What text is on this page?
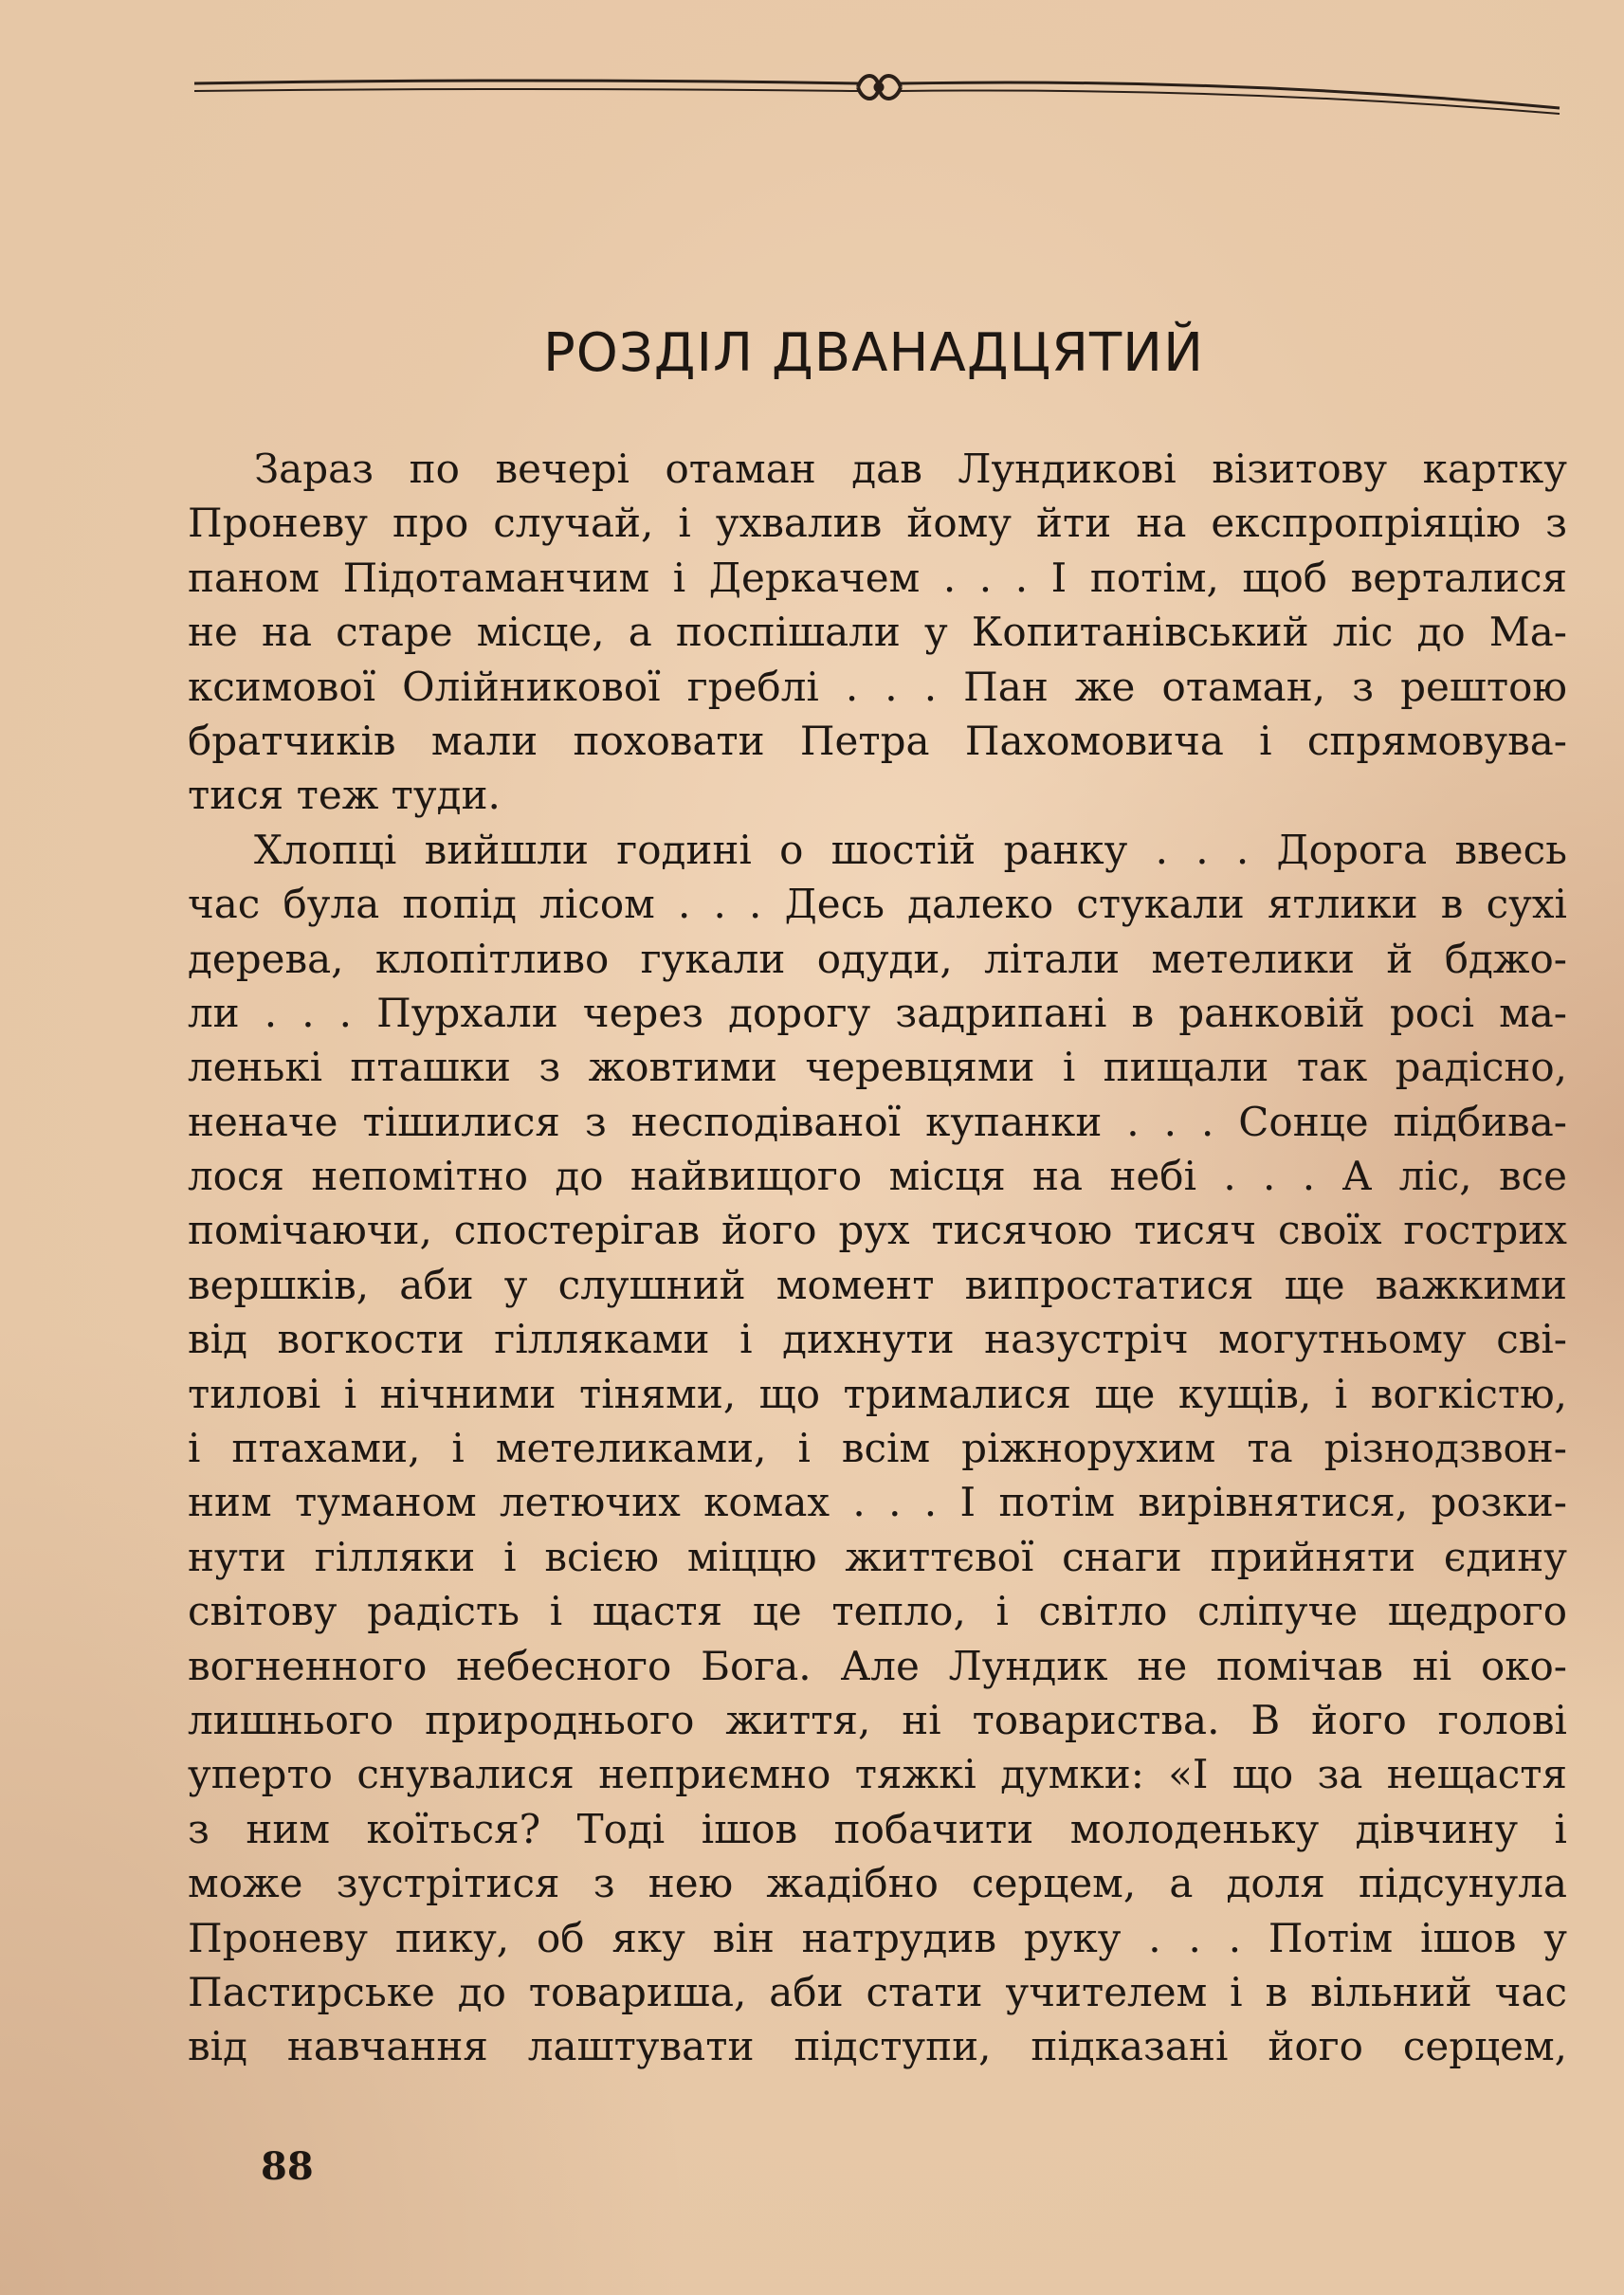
РОЗДІЛ ДВАНАДЦЯТИЙ
Зараз по вечері отаман дав Лундикові візитову картку
Проневу про случай, і ухвалив йому йти на експропріяцію з
паном Підотаманчим і Деркачем . . . І потім, щоб верталися
не на старе місце, а поспішали у Копитанівський ліс до Ма-
ксимової Олійникової греблі . . . Пан же отаман, з рештою
братчиків мали поховати Петра Пахомовича і спрямовува-
тися теж туди.
Хлопці вийшли годині о шостій ранку . . . Дорога ввесь
час була попід лісом . . . Десь далеко стукали ятлики в сухі
дерева, клопітливо гукали одуди, літали метелики й бджо-
ли . . . Пурхали через дорогу задрипані в ранковій росі ма-
ленькі пташки з жовтими черевцями і пищали так радісно,
неначе тішилися з несподіваної купанки . . . Сонце підбива-
лося непомітно до найвищого місця на небі . . . А ліс, все
помічаючи, спостерігав його рух тисячою тисяч своїх гострих
вершків, аби у слушний момент випростатися ще важкими
від вогкости гілляками і дихнути назустріч могутньому сві-
тилові і нічними тінями, що трималися ще кущів, і вогкістю,
і птахами, і метеликами, і всім ріжнорухим та різнодзвон-
ним туманом летючих комах . . . І потім вирівнятися, розки-
нути гілляки і всією міццю життєвої снаги прийняти єдину
світову радість і щастя це тепло, і світло сліпуче щедрого
вогненного небесного Бога. Але Лундик не помічав ні око-
лишнього природнього життя, ні товариства. В його голові
уперто снувалися неприємно тяжкі думки: «І що за нещастя
з ним коїться? Тоді ішов побачити молоденьку дівчину і
може зустрітися з нею жадібно серцем, а доля підсунула
Проневу пику, об яку він натрудив руку . . . Потім ішов у
Пастирське до товариша, аби стати учителем і в вільний час
від навчання лаштувати підступи, підказані його серцем,
88
